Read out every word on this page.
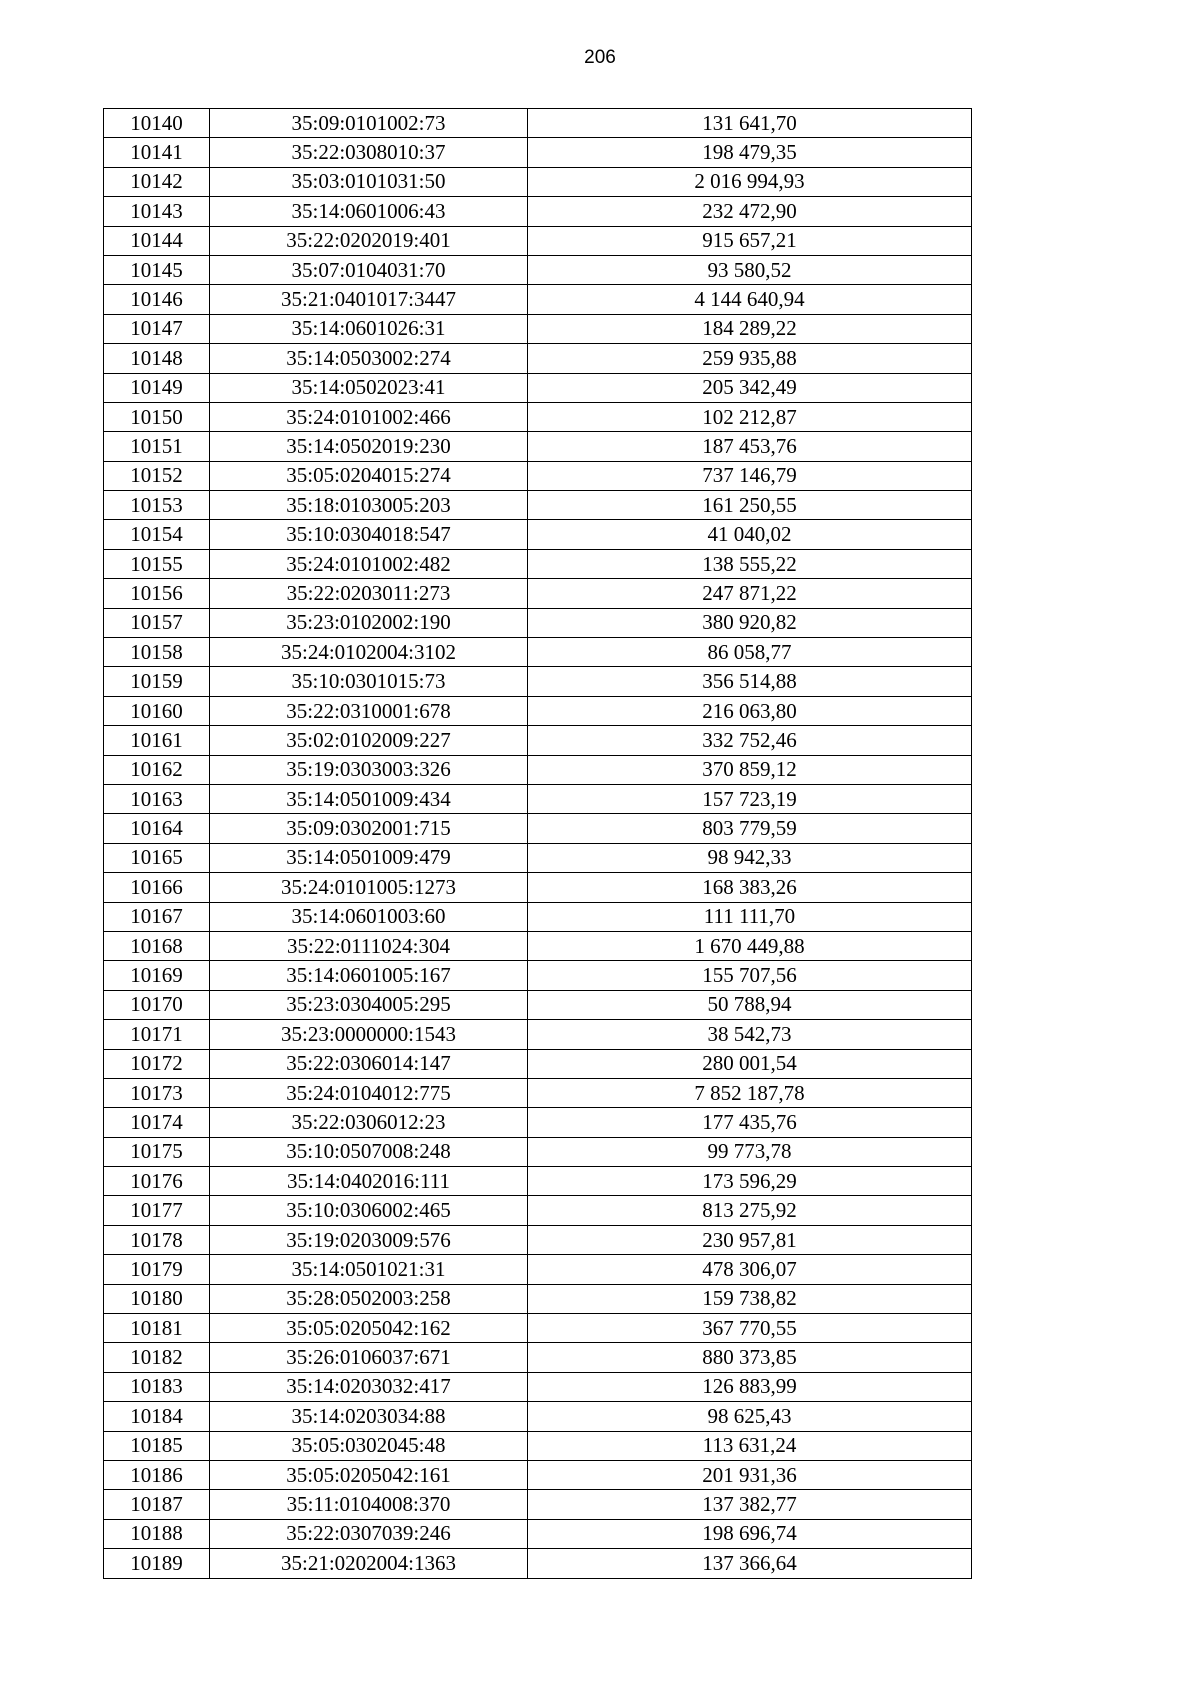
206
10140	35:09:0101002:73	131 641,70
10141	35:22:0308010:37	198 479,35
10142	35:03:0101031:50	2 016 994,93
10143	35:14:0601006:43	232 472,90
10144	35:22:0202019:401	915 657,21
10145	35:07:0104031:70	93 580,52
10146	35:21:0401017:3447	4 144 640,94
10147	35:14:0601026:31	184 289,22
10148	35:14:0503002:274	259 935,88
10149	35:14:0502023:41	205 342,49
10150	35:24:0101002:466	102 212,87
10151	35:14:0502019:230	187 453,76
10152	35:05:0204015:274	737 146,79
10153	35:18:0103005:203	161 250,55
10154	35:10:0304018:547	41 040,02
10155	35:24:0101002:482	138 555,22
10156	35:22:0203011:273	247 871,22
10157	35:23:0102002:190	380 920,82
10158	35:24:0102004:3102	86 058,77
10159	35:10:0301015:73	356 514,88
10160	35:22:0310001:678	216 063,80
10161	35:02:0102009:227	332 752,46
10162	35:19:0303003:326	370 859,12
10163	35:14:0501009:434	157 723,19
10164	35:09:0302001:715	803 779,59
10165	35:14:0501009:479	98 942,33
10166	35:24:0101005:1273	168 383,26
10167	35:14:0601003:60	111 111,70
10168	35:22:0111024:304	1 670 449,88
10169	35:14:0601005:167	155 707,56
10170	35:23:0304005:295	50 788,94
10171	35:23:0000000:1543	38 542,73
10172	35:22:0306014:147	280 001,54
10173	35:24:0104012:775	7 852 187,78
10174	35:22:0306012:23	177 435,76
10175	35:10:0507008:248	99 773,78
10176	35:14:0402016:111	173 596,29
10177	35:10:0306002:465	813 275,92
10178	35:19:0203009:576	230 957,81
10179	35:14:0501021:31	478 306,07
10180	35:28:0502003:258	159 738,82
10181	35:05:0205042:162	367 770,55
10182	35:26:0106037:671	880 373,85
10183	35:14:0203032:417	126 883,99
10184	35:14:0203034:88	98 625,43
10185	35:05:0302045:48	113 631,24
10186	35:05:0205042:161	201 931,36
10187	35:11:0104008:370	137 382,77
10188	35:22:0307039:246	198 696,74
10189	35:21:0202004:1363	137 366,64
